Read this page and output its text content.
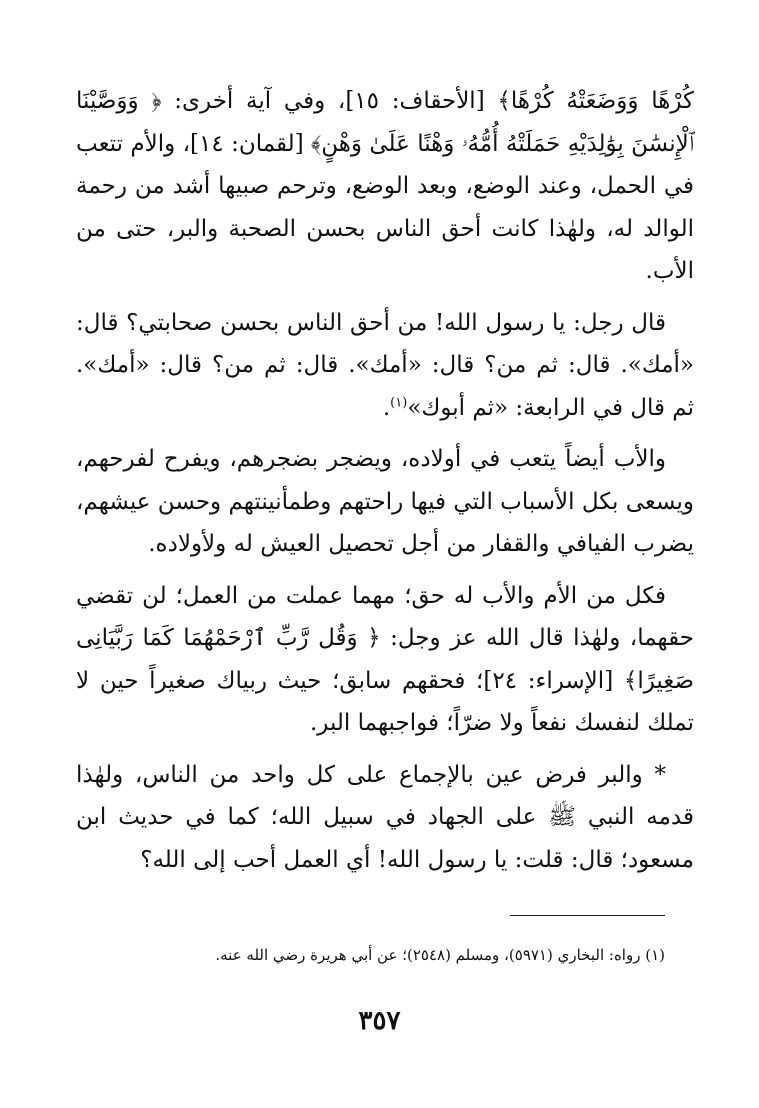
كُرْهًا وَوَضَعَتْهُ كُرْهًا﴾ [الأحقاف: ١٥]، وفي آية أخرى: ﴿ وَوَصَّيْنَا ٱلْإِنسَٰنَ بِوَٰلِدَيْهِ حَمَلَتْهُ أُمُّهُۥ وَهْنًا عَلَىٰ وَهْنٍ﴾ [لقمان: ١٤]، والأم تتعب في الحمل، وعند الوضع، وبعد الوضع، وترحم صبيها أشد من رحمة الوالد له، ولهٰذا كانت أحق الناس بحسن الصحبة والبر، حتى من الأب.

قال رجل: يا رسول الله! من أحق الناس بحسن صحابتي؟ قال: «أمك». قال: ثم من؟ قال: «أمك». قال: ثم من؟ قال: «أمك». ثم قال في الرابعة: «ثم أبوك»$^{(١)}$.

والأب أيضاً يتعب في أولاده، ويضجر بضجرهم، ويفرح لفرحهم، ويسعى بكل الأسباب التي فيها راحتهم وطمأنينتهم وحسن عيشهم، يضرب الفيافي والقفار من أجل تحصيل العيش له ولأولاده.

فكل من الأم والأب له حق؛ مهما عملت من العمل؛ لن تقضي حقهما، ولهٰذا قال الله عز وجل: ﴿ وَقُل رَّبِّ ٱرْحَمْهُمَا كَمَا رَبَّيَانِى صَغِيرًا﴾ [الإسراء: ٢٤]؛ فحقهم سابق؛ حيث ربياك صغيراً حين لا تملك لنفسك نفعاً ولا ضرّاً؛ فواجبهما البر.

* والبر فرض عين بالإجماع على كل واحد من الناس، ولهٰذا قدمه النبي ﷺ على الجهاد في سبيل الله؛ كما في حديث ابن مسعود؛ قال: قلت: يا رسول الله! أي العمل أحب إلى الله؟

(١) رواه: البخاري (٥٩٧١)، ومسلم (٢٥٤٨)؛ عن أبي هريرة رضي الله عنه.
٣٥٧
